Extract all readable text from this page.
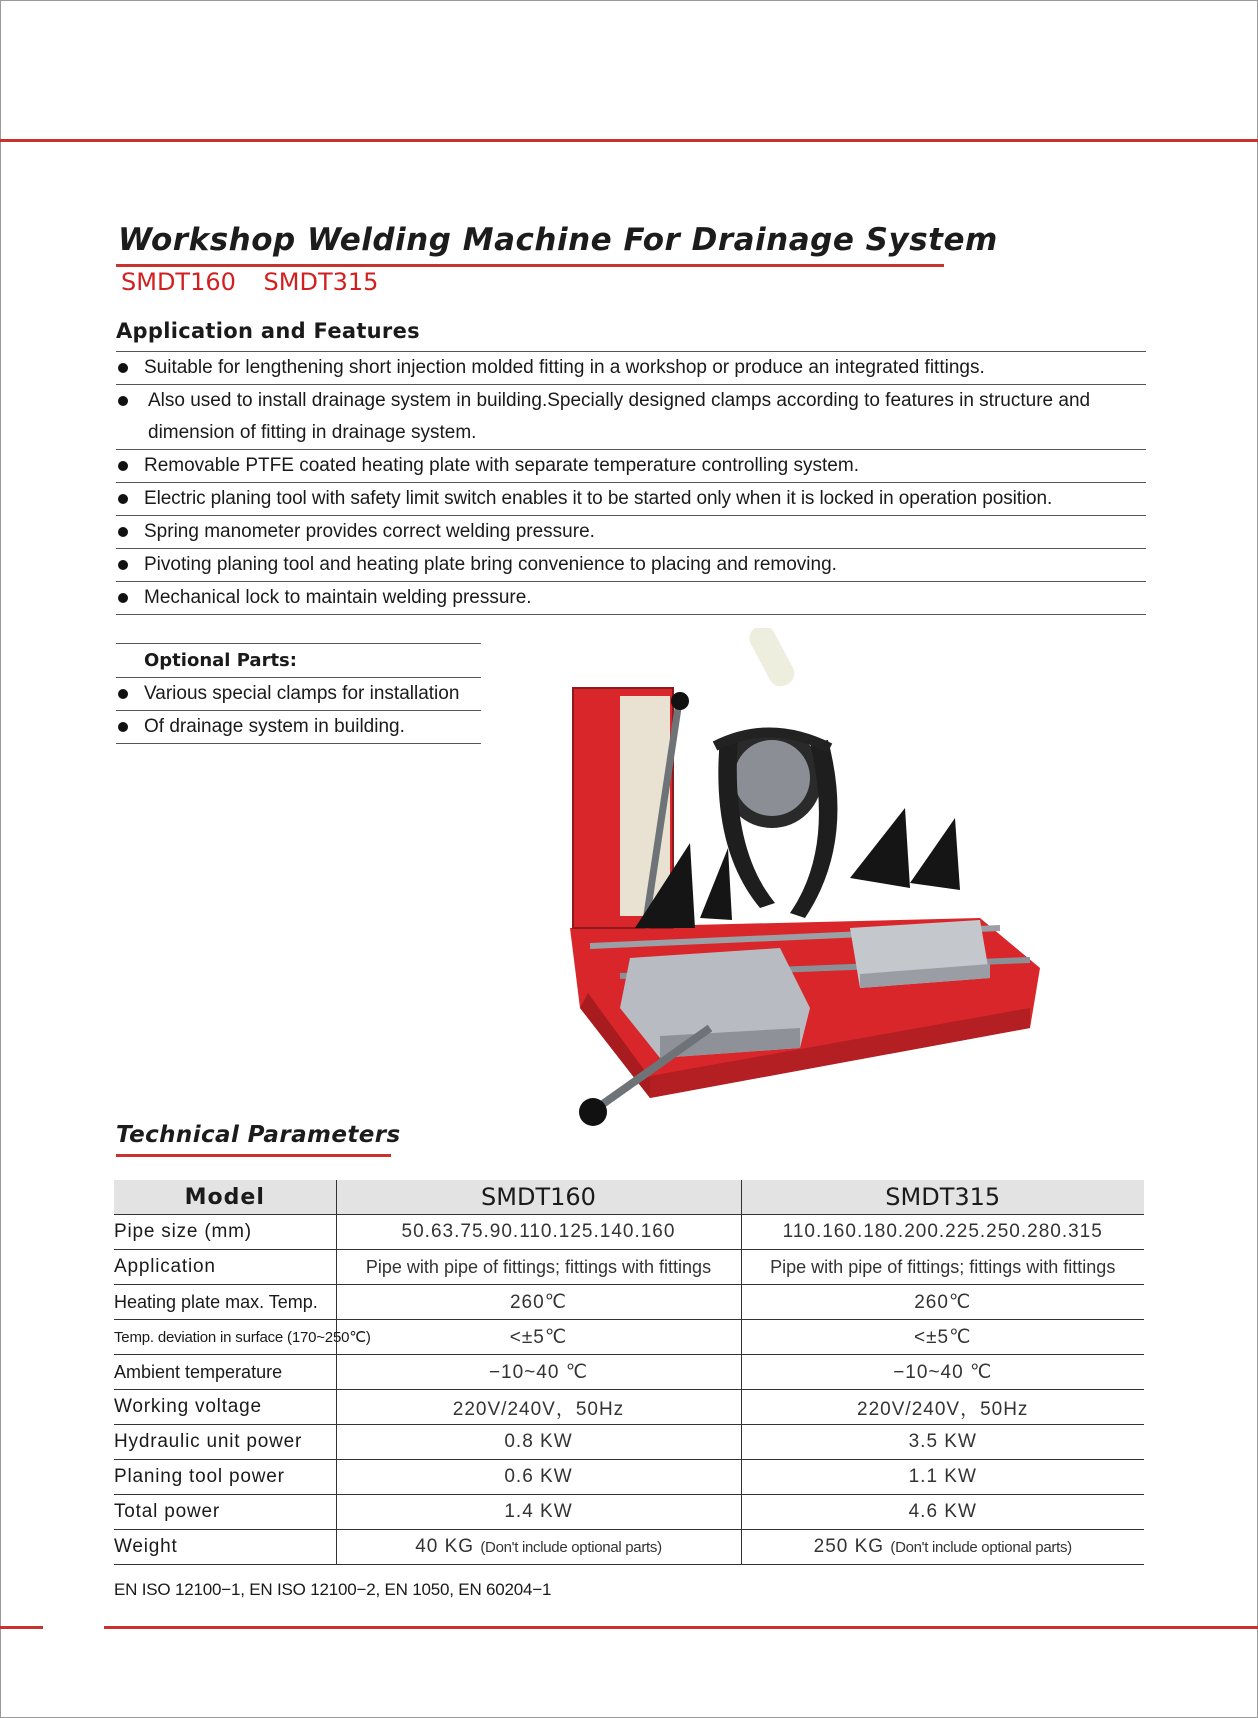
Workshop Welding Machine For Drainage System
SMDT160 SMDT315
Application and Features
Suitable for lengthening short injection molded fitting in a workshop or produce an integrated fittings.
Also used to install drainage system in building.Specially designed clamps according to features in structure and dimension of fitting in drainage system.
Removable PTFE coated heating plate with separate temperature controlling system.
Electric planing tool with safety limit switch enables it to be started only when it is locked in operation position.
Spring manometer provides correct welding pressure.
Pivoting planing tool and heating plate bring convenience to placing and removing.
Mechanical lock to maintain welding pressure.
Optional Parts:
Various special clamps for installation
Of drainage system in building.
Technical Parameters
Model	SMDT160	SMDT315
Pipe size (mm)	50.63.75.90.110.125.140.160	110.160.180.200.225.250.280.315
Application	Pipe with pipe of fittings; fittings with fittings	Pipe with pipe of fittings; fittings with fittings
Heating plate max. Temp.	260℃	260℃
Temp. deviation in surface (170~250℃)	<±5℃	<±5℃
Ambient temperature	−10~40 ℃	−10~40 ℃
Working voltage	220V/240V，50Hz	220V/240V，50Hz
Hydraulic unit power	0.8 KW	3.5 KW
Planing tool power	0.6 KW	1.1 KW
Total power	1.4 KW	4.6 KW
Weight	40 KG (Don't include optional parts)	250 KG (Don't include optional parts)
EN ISO 12100−1, EN ISO 12100−2, EN 1050, EN 60204−1
